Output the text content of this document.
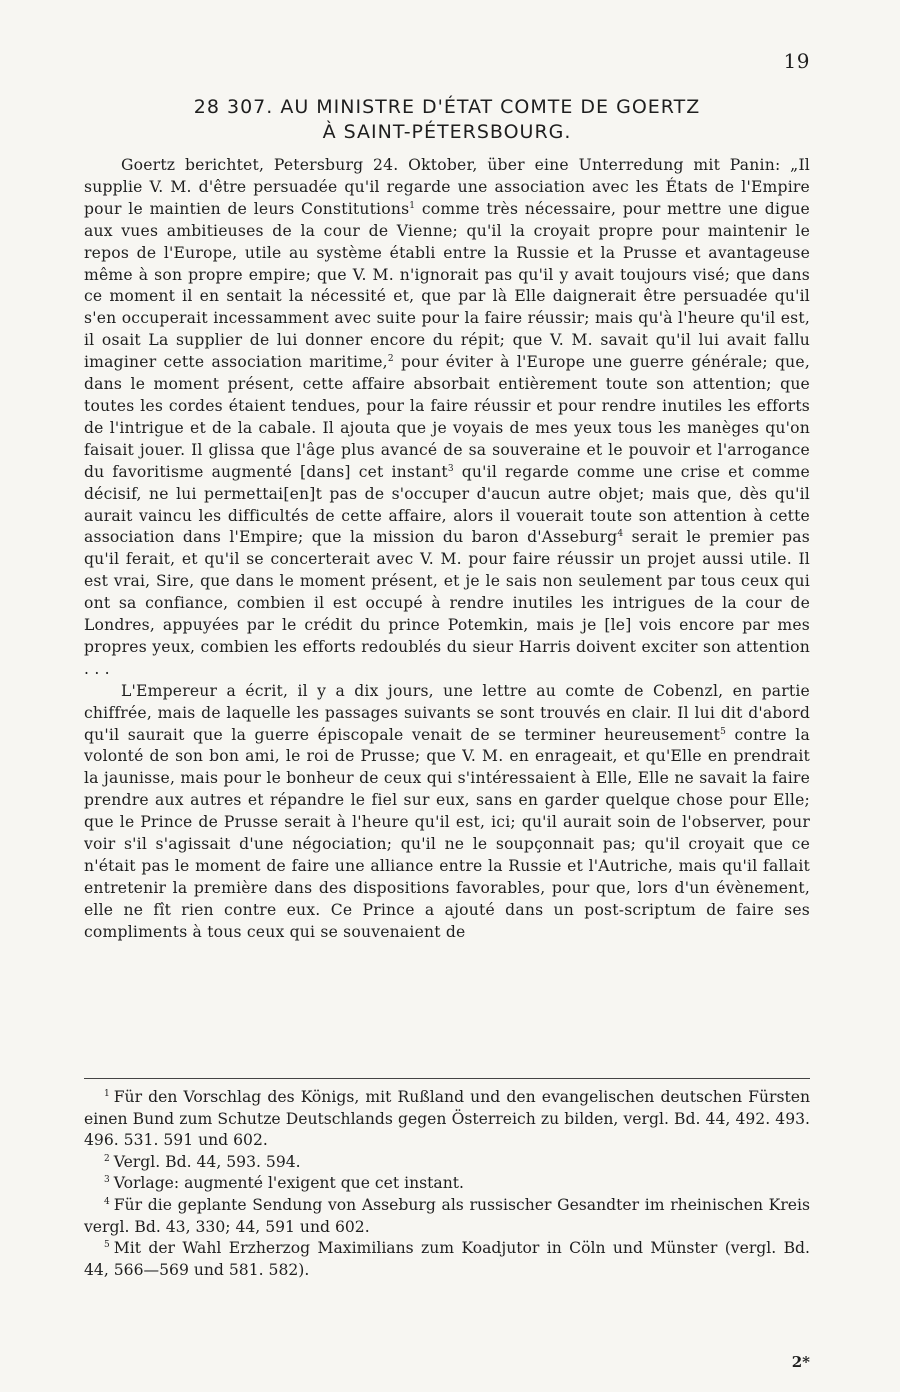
19
28 307. AU MINISTRE D'ÉTAT COMTE DE GOERTZ
À SAINT-PÉTERSBOURG.

Goertz berichtet, Petersburg 24. Oktober, über eine Unterredung mit Panin: „Il supplie V. M. d'être persuadée qu'il regarde une association avec les États de l'Empire pour le maintien de leurs Constitutions$^1$ comme très nécessaire, pour mettre une digue aux vues ambitieuses de la cour de Vienne; qu'il la croyait propre pour maintenir le repos de l'Europe, utile au système établi entre la Russie et la Prusse et avantageuse même à son propre empire; que V. M. n'ignorait pas qu'il y avait toujours visé; que dans ce moment il en sentait la nécessité et, que par là Elle daignerait être persuadée qu'il s'en occuperait incessamment avec suite pour la faire réussir; mais qu'à l'heure qu'il est, il osait La supplier de lui donner encore du répit; que V. M. savait qu'il lui avait fallu imaginer cette association maritime,$^2$ pour éviter à l'Europe une guerre générale; que, dans le moment présent, cette affaire absorbait entièrement toute son attention; que toutes les cordes étaient tendues, pour la faire réussir et pour rendre inutiles les efforts de l'intrigue et de la cabale. Il ajouta que je voyais de mes yeux tous les manèges qu'on faisait jouer. Il glissa que l'âge plus avancé de sa souveraine et le pouvoir et l'arrogance du favoritisme augmenté [dans] cet instant$^3$ qu'il regarde comme une crise et comme décisif, ne lui permettai[en]t pas de s'occuper d'aucun autre objet; mais que, dès qu'il aurait vaincu les difficultés de cette affaire, alors il vouerait toute son attention à cette association dans l'Empire; que la mission du baron d'Asseburg$^4$ serait le premier pas qu'il ferait, et qu'il se concerterait avec V. M. pour faire réussir un projet aussi utile. Il est vrai, Sire, que dans le moment présent, et je le sais non seulement par tous ceux qui ont sa confiance, combien il est occupé à rendre inutiles les intrigues de la cour de Londres, appuyées par le crédit du prince Potemkin, mais je [le] vois encore par mes propres yeux, combien les efforts redoublés du sieur Harris doivent exciter son attention . . .

L'Empereur a écrit, il y a dix jours, une lettre au comte de Cobenzl, en partie chiffrée, mais de laquelle les passages suivants se sont trouvés en clair. Il lui dit d'abord qu'il saurait que la guerre épiscopale venait de se terminer heureusement$^5$ contre la volonté de son bon ami, le roi de Prusse; que V. M. en enrageait, et qu'Elle en prendrait la jaunisse, mais pour le bonheur de ceux qui s'intéressaient à Elle, Elle ne savait la faire prendre aux autres et répandre le fiel sur eux, sans en garder quelque chose pour Elle; que le Prince de Prusse serait à l'heure qu'il est, ici; qu'il aurait soin de l'observer, pour voir s'il s'agissait d'une négociation; qu'il ne le soupçonnait pas; qu'il croyait que ce n'était pas le moment de faire une alliance entre la Russie et l'Autriche, mais qu'il fallait entretenir la première dans des dispositions favorables, pour que, lors d'un évènement, elle ne fît rien contre eux. Ce Prince a ajouté dans un post-scriptum de faire ses compliments à tous ceux qui se souvenaient de

$^1$ Für den Vorschlag des Königs, mit Rußland und den evangelischen deutschen Fürsten einen Bund zum Schutze Deutschlands gegen Österreich zu bilden, vergl. Bd. 44, 492. 493. 496. 531. 591 und 602.

$^2$ Vergl. Bd. 44, 593. 594.

$^3$ Vorlage: augmenté l'exigent que cet instant.

$^4$ Für die geplante Sendung von Asseburg als russischer Gesandter im rheinischen Kreis vergl. Bd. 43, 330; 44, 591 und 602.

$^5$ Mit der Wahl Erzherzog Maximilians zum Koadjutor in Cöln und Münster (vergl. Bd. 44, 566—569 und 581. 582).

2*
